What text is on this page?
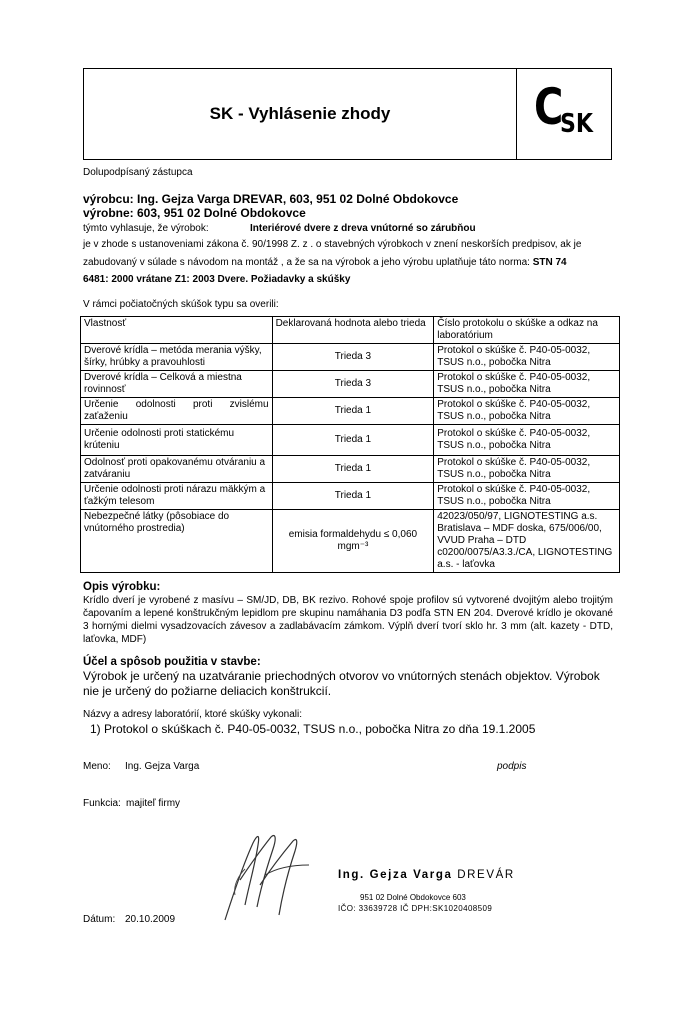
SK - Vyhlásenie zhody	C
SK
Dolupodpísaný zástupca
výrobcu: Ing. Gejza Varga DREVAR, 603, 951 02 Dolné Obdokovce
výrobne: 603, 951 02 Dolné Obdokovce
týmto vyhlasuje, že výrobok:	Interiérové dvere z dreva vnútorné so zárubňou
je v zhode s ustanoveniami zákona č. 90/1998 Z. z . o stavebných výrobkoch v znení neskorších predpisov, ak je
zabudovaný v súlade s návodom na montáž , a že sa na výrobok a jeho výrobu uplatňuje táto norma: STN 74
6481: 2000 vrátane Z1: 2003 Dvere. Požiadavky a skúšky
V rámci počiatočných skúšok typu sa overili:
Vlastnosť	Deklarovaná hodnota alebo trieda	Číslo protokolu o skúške a odkaz na laboratórium
Dverové krídla – metóda merania výšky, šírky, hrúbky a pravouhlosti	Trieda 3	Protokol o skúške č. P40-05-0032, TSUS n.o., pobočka Nitra
Dverové krídla – Celková a miestna rovinnosť	Trieda 3	Protokol o skúške č. P40-05-0032, TSUS n.o., pobočka Nitra
Určenie odolnosti proti zvislému zaťaženiu	Trieda 1	Protokol o skúške č. P40-05-0032, TSUS n.o., pobočka Nitra
Určenie odolnosti proti statickému krúteniu	Trieda 1	Protokol o skúške č. P40-05-0032, TSUS n.o., pobočka Nitra
Odolnosť proti opakovanému otváraniu a zatváraniu	Trieda 1	Protokol o skúške č. P40-05-0032, TSUS n.o., pobočka Nitra
Určenie odolnosti proti nárazu mäkkým a ťažkým telesom	Trieda 1	Protokol o skúške č. P40-05-0032, TSUS n.o., pobočka Nitra
Nebezpečné látky (pôsobiace do vnútorného prostredia)	emisia formaldehydu ≤ 0,060 mgm⁻³	42023/050/97, LIGNOTESTING a.s. Bratislava – MDF doska, 675/006/00, VVUD Praha – DTD c0200/0075/A3.3./CA, LIGNOTESTING a.s. - laťovka
Opis výrobku:
Krídlo dverí je vyrobené z masívu – SM/JD, DB, BK rezivo. Rohové spoje profilov sú vytvorené dvojitým alebo trojitým čapovaním a lepené konštrukčným lepidlom pre skupinu namáhania D3 podľa STN EN 204. Dverové krídlo je okované 3 hornými dielmi vysadzovacích závesov a zadlabávacím zámkom. Výplň dverí tvorí sklo hr. 3 mm (alt. kazety - DTD, laťovka, MDF)
Účel a spôsob použitia v stavbe:
Výrobok je určený na uzatváranie priechodných otvorov vo vnútorných stenách objektov. Výrobok nie je určený do požiarne deliacich konštrukcií.
Názvy a adresy laboratórií, ktoré skúšky vykonali:
1) Protokol o skúškach č. P40-05-0032, TSUS n.o., pobočka Nitra zo dňa 19.1.2005
Meno: Ing. Gejza Varga	podpis
Funkcia: majiteľ firmy
Ing. Gejza Varga DREVÁR
951 02 Dolné Obdokovce 603
IČO: 33639728 IČ DPH:SK1020408509
Dátum: 20.10.2009
